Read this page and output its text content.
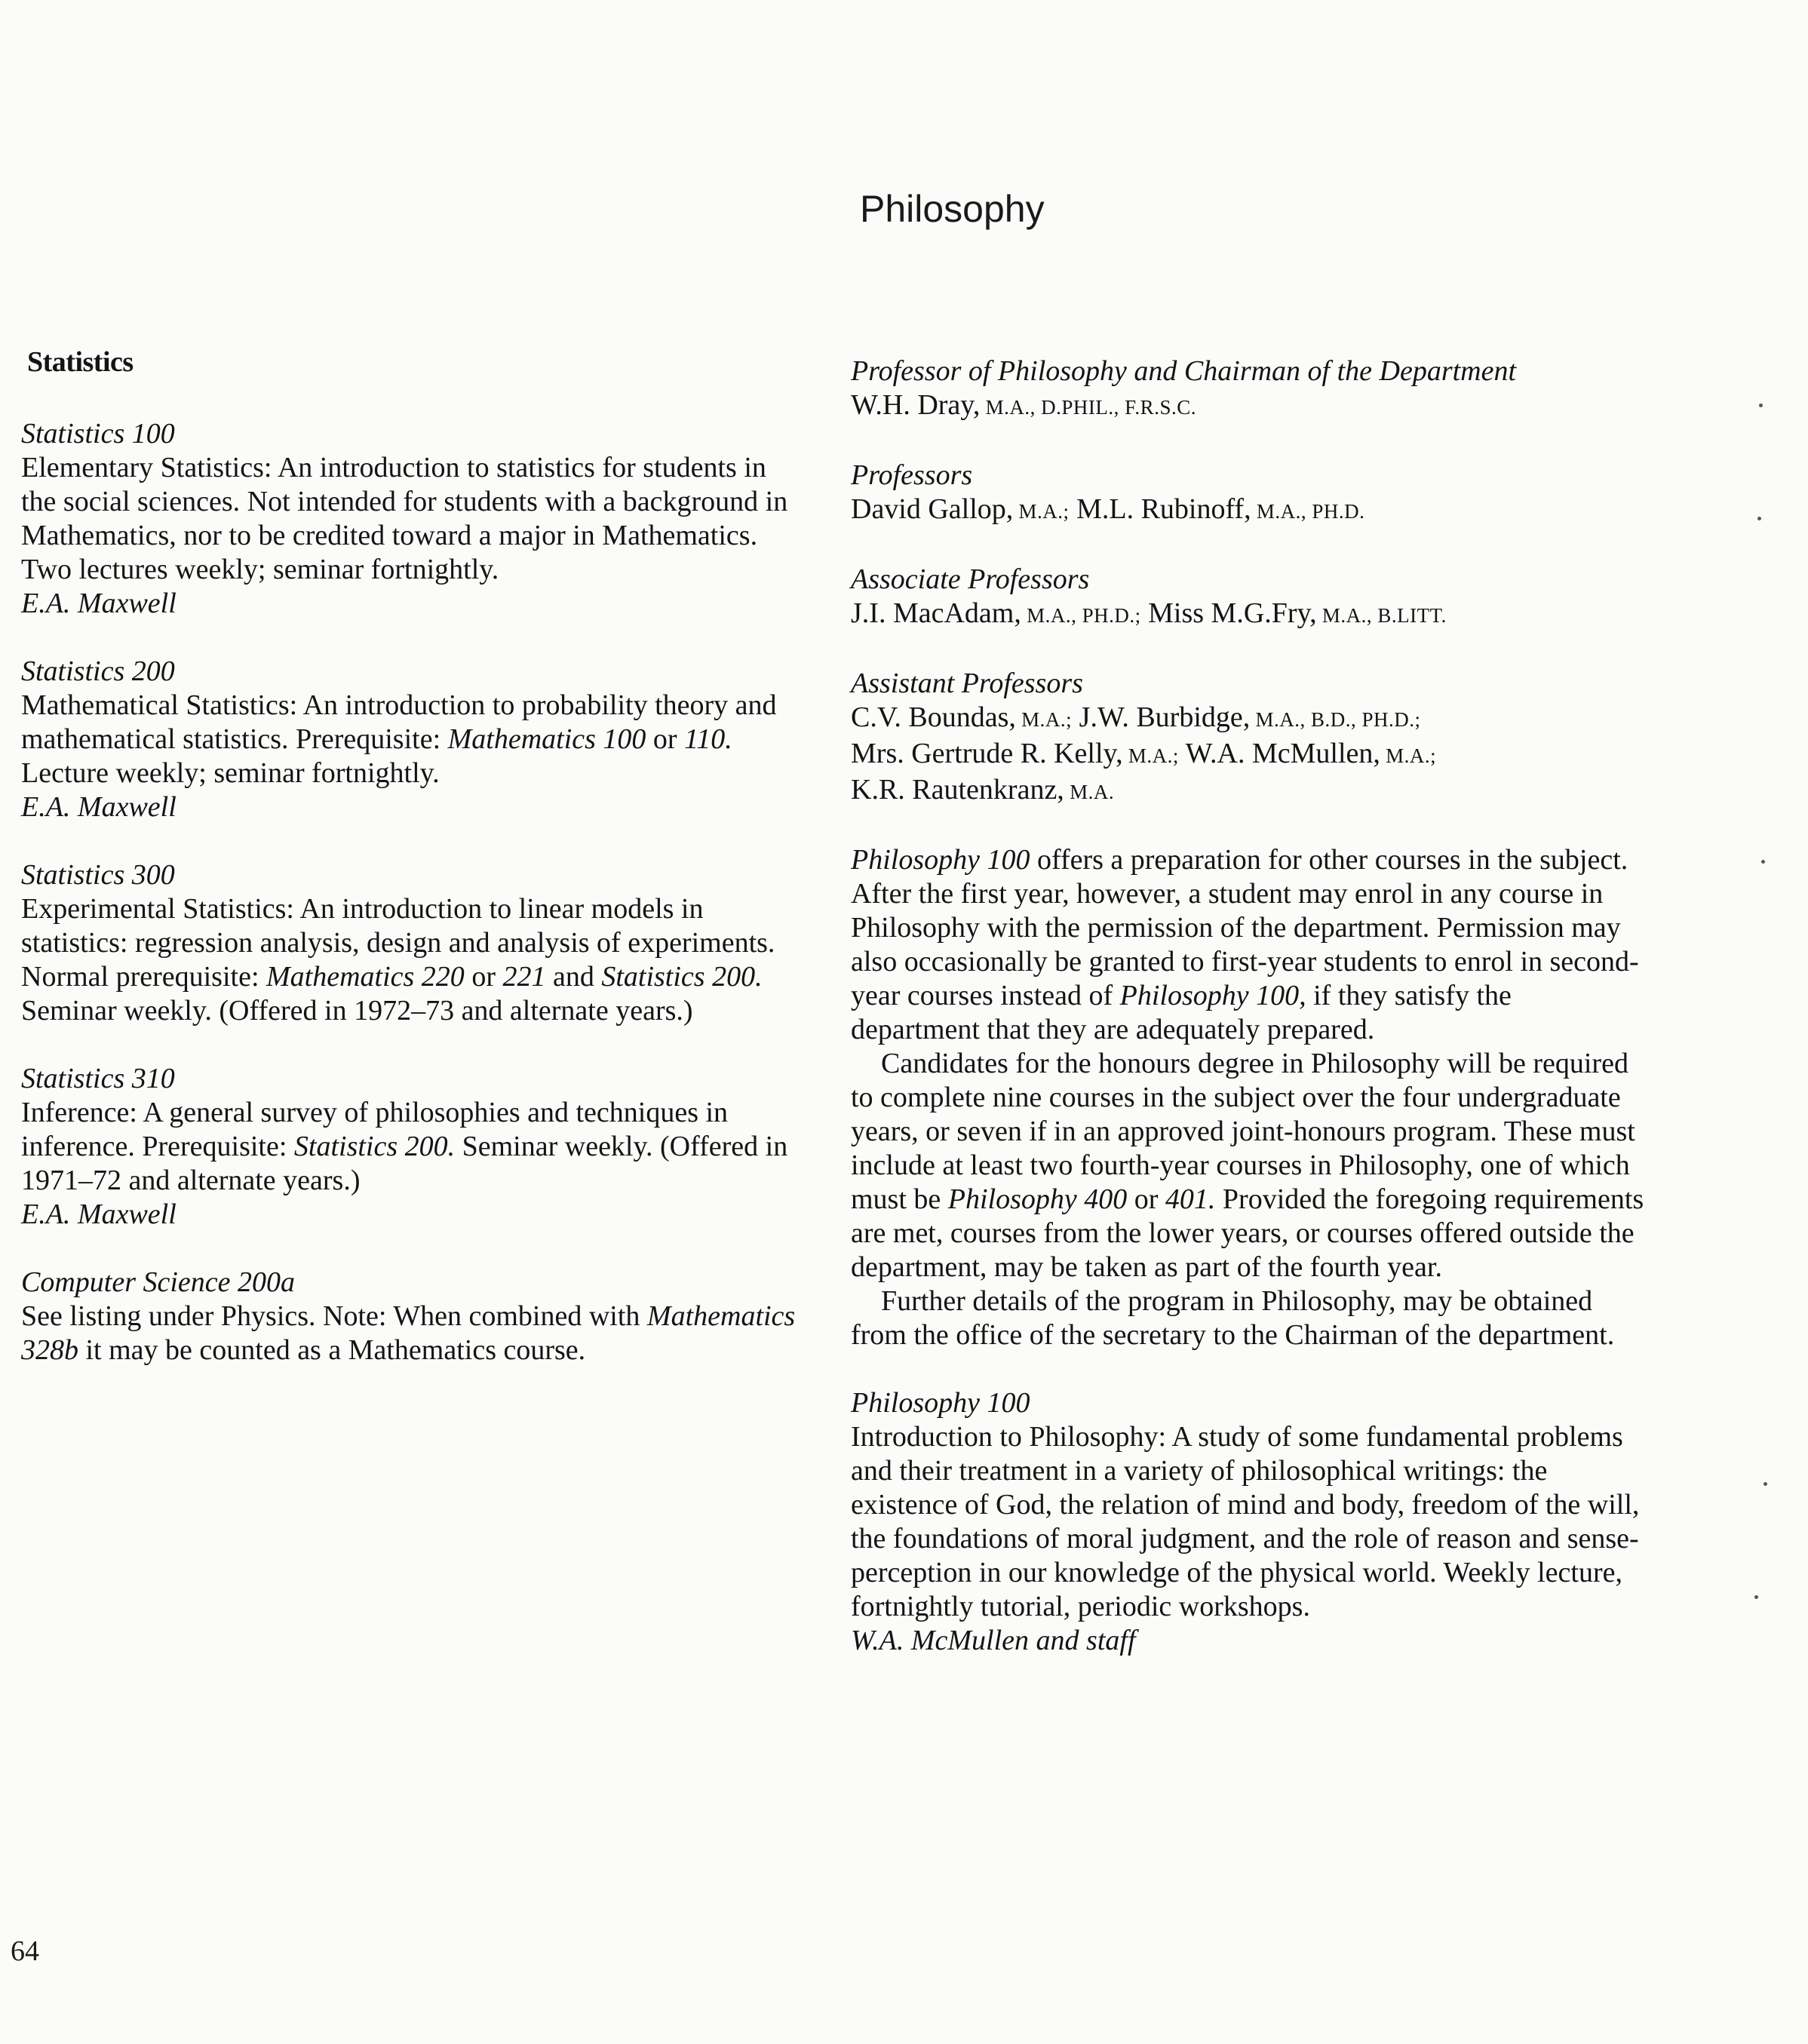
Philosophy
Statistics
Statistics 100

Elementary Statistics: An introduction to statistics for students in the social sciences. Not intended for students with a background in Mathematics, nor to be credited toward a major in Mathematics. Two lectures weekly; seminar fortnightly.

E.A. Maxwell
Statistics 200

Mathematical Statistics: An introduction to probability theory and mathematical statistics. Prerequisite: Mathematics 100 or 110. Lecture weekly; seminar fortnightly.

E.A. Maxwell
Statistics 300

Experimental Statistics: An introduction to linear models in statistics: regression analysis, design and analysis of experiments. Normal prerequisite: Mathematics 220 or 221 and Statistics 200. Seminar weekly. (Offered in 1972–73 and alternate years.)

Statistics 310

Inference: A general survey of philosophies and techniques in inference. Prerequisite: Statistics 200. Seminar weekly. (Offered in 1971–72 and alternate years.)

E.A. Maxwell
Computer Science 200a

See listing under Physics. Note: When combined with Mathematics 328b it may be counted as a Mathematics course.

Professor of Philosophy and Chairman of the Department
W.H. Dray, M.A., D.PHIL., F.R.S.C.
Professors
David Gallop, M.A.; M.L. Rubinoff, M.A., PH.D.
Associate Professors
J.I. MacAdam, M.A., PH.D.; Miss M.G.Fry, M.A., B.LITT.
Assistant Professors
C.V. Boundas, M.A.; J.W. Burbidge, M.A., B.D., PH.D.;
Mrs. Gertrude R. Kelly, M.A.; W.A. McMullen, M.A.;
K.R. Rautenkranz, M.A.

Philosophy 100 offers a preparation for other courses in the subject. After the first year, however, a student may enrol in any course in Philosophy with the permission of the department. Permission may also occasionally be granted to first-year students to enrol in second-year courses instead of Philosophy 100, if they satisfy the department that they are adequately prepared.

Candidates for the honours degree in Philosophy will be required to complete nine courses in the subject over the four undergraduate years, or seven if in an approved joint-honours program. These must include at least two fourth-year courses in Philosophy, one of which must be Philosophy 400 or 401. Provided the foregoing requirements are met, courses from the lower years, or courses offered outside the department, may be taken as part of the fourth year.

Further details of the program in Philosophy, may be obtained from the office of the secretary to the Chairman of the department.

Philosophy 100

Introduction to Philosophy: A study of some fundamental problems and their treatment in a variety of philosophical writings: the existence of God, the relation of mind and body, freedom of the will, the foundations of moral judgment, and the role of reason and sense-perception in our knowledge of the physical world. Weekly lecture, fortnightly tutorial, periodic workshops.

W.A. McMullen and staff
64
